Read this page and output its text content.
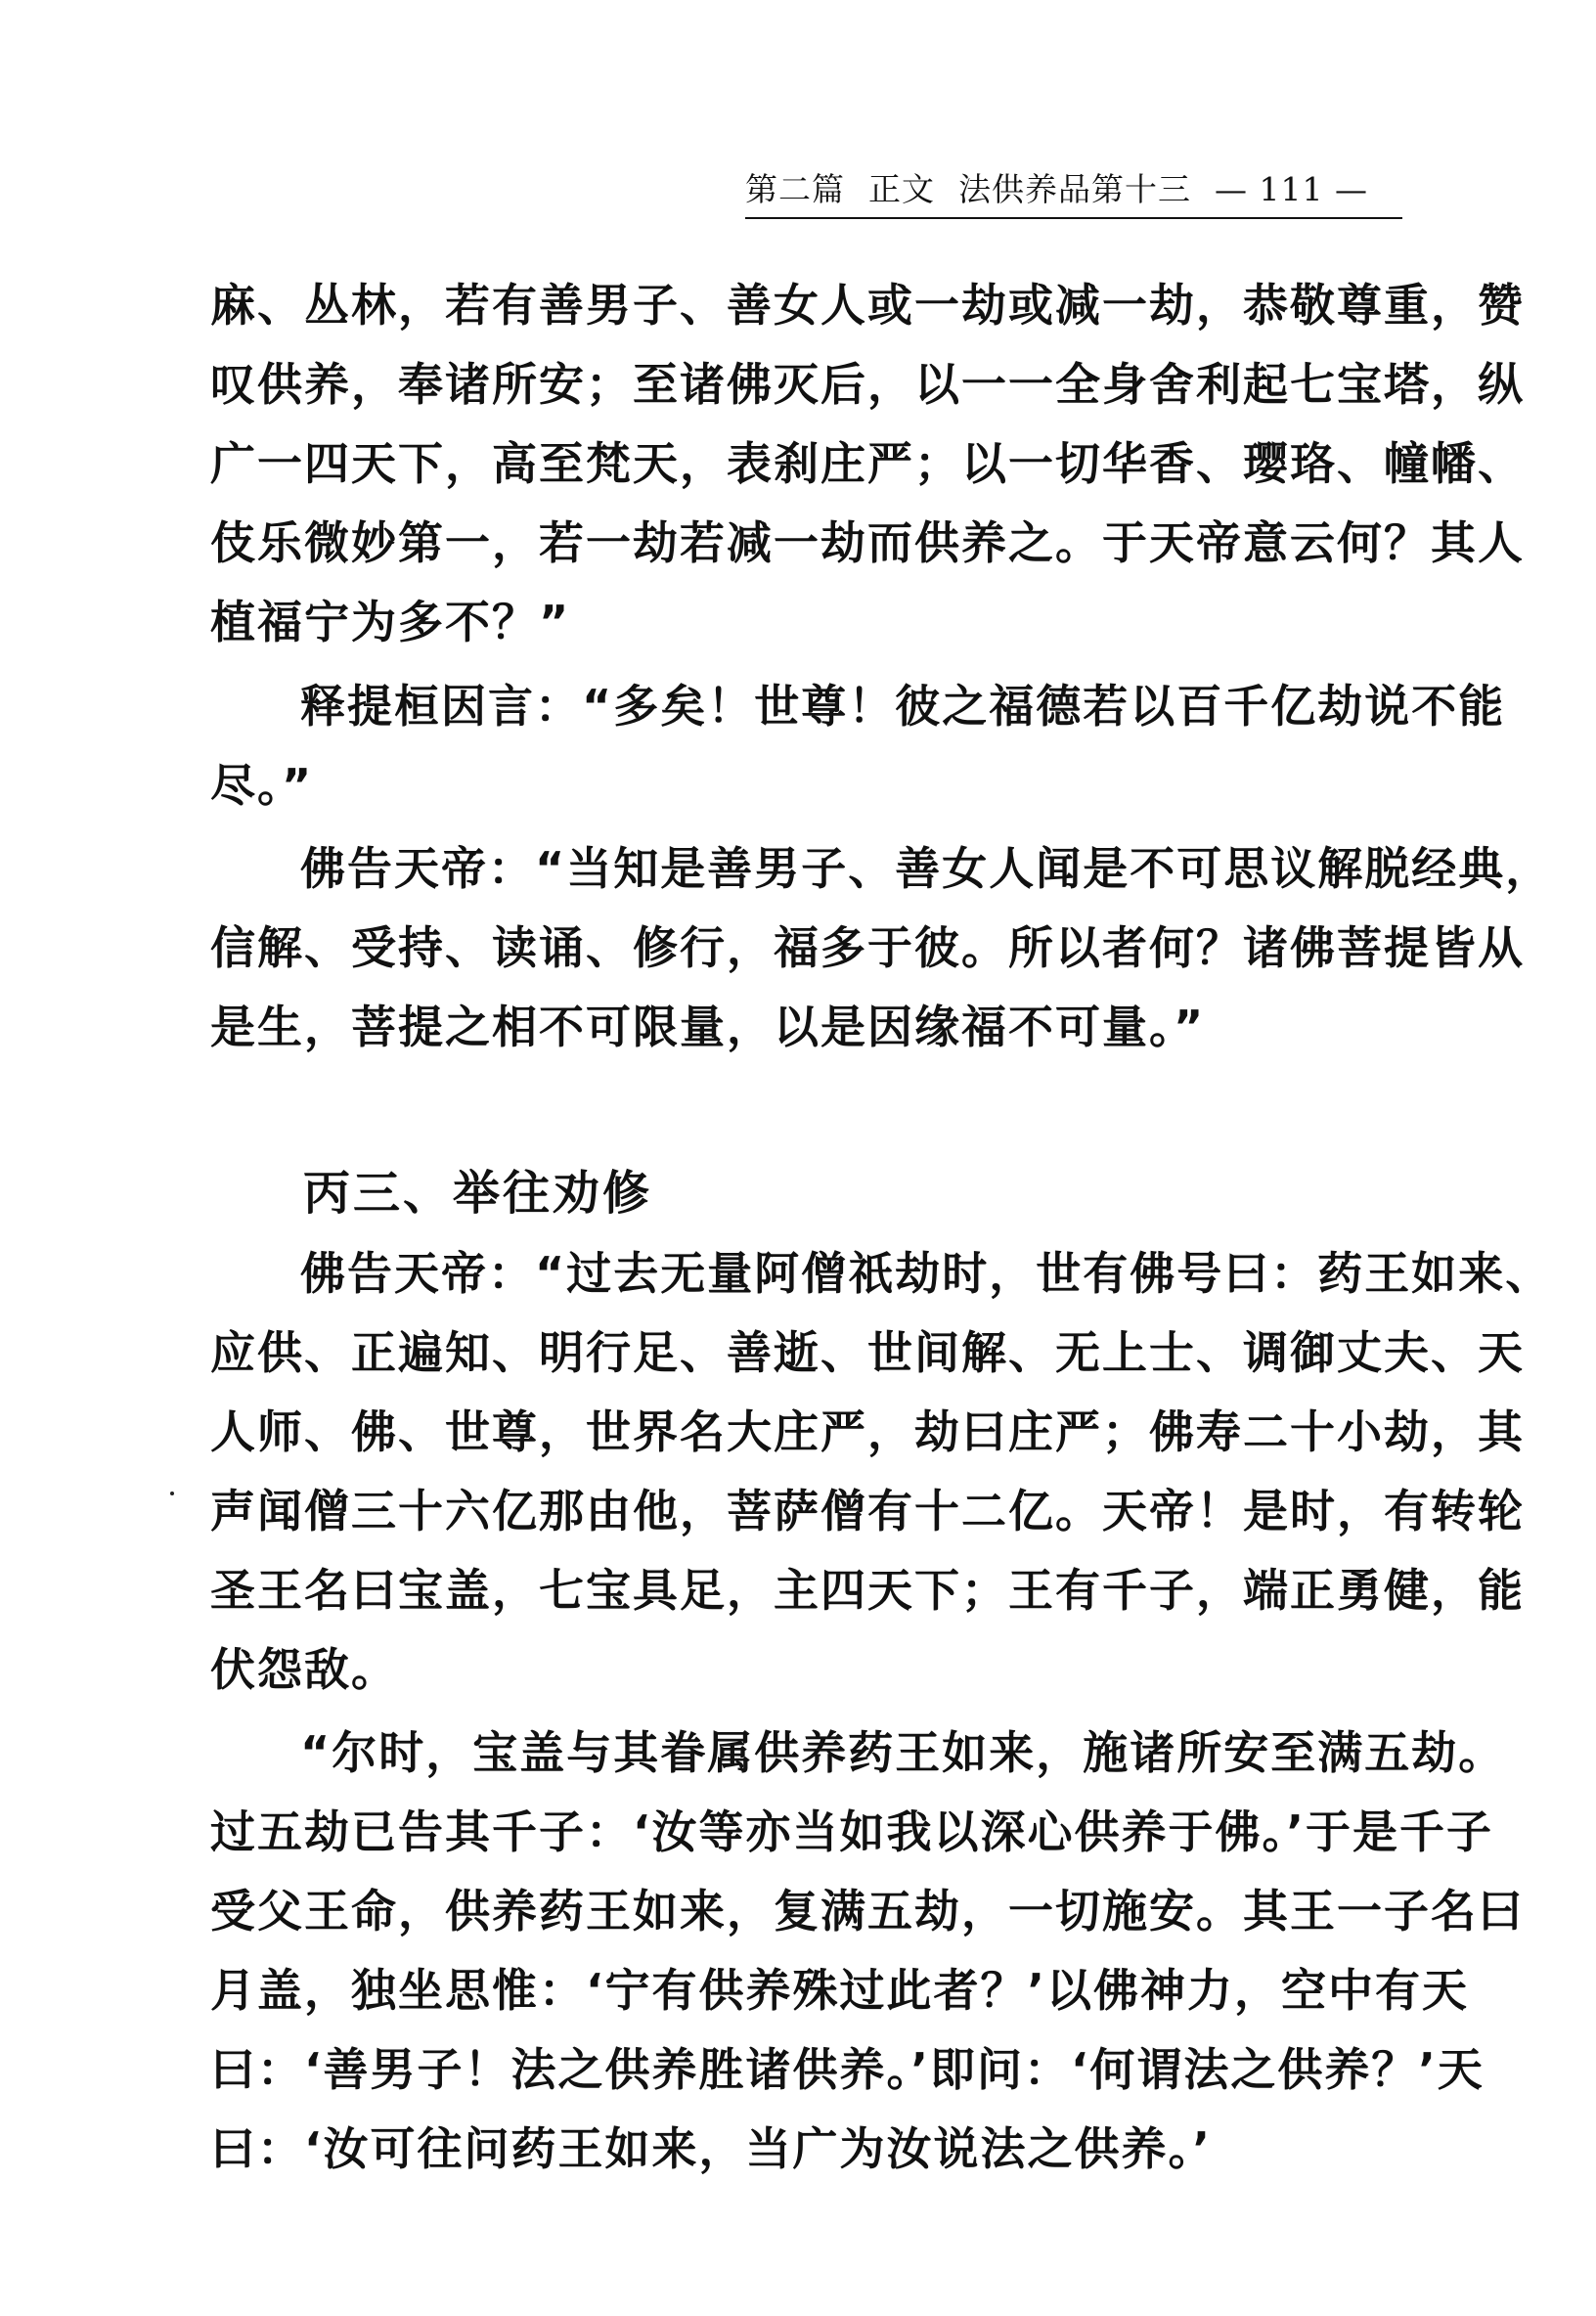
第二篇 正文 法供养品第十三 — 111 —
麻、丛林，若有善男子、善女人或一劫或减一劫，恭敬尊重，赞
叹供养，奉诸所安；至诸佛灭后，以一一全身舍利起七宝塔，纵
广一四天下，高至梵天，表刹庄严；以一切华香、璎珞、幢幡、
伎乐微妙第一，若一劫若减一劫而供养之。于天帝意云何？其人
植福宁为多不？”
释提桓因言：“多矣！世尊！彼之福德若以百千亿劫说不能
尽。”
佛告天帝：“当知是善男子、善女人闻是不可思议解脱经典，
信解、受持、读诵、修行，福多于彼。所以者何？诸佛菩提皆从
是生，菩提之相不可限量，以是因缘福不可量。”
丙三、举往劝修
佛告天帝：“过去无量阿僧祇劫时，世有佛号曰：药王如来、
应供、正遍知、明行足、善逝、世间解、无上士、调御丈夫、天
人师、佛、世尊，世界名大庄严，劫曰庄严；佛寿二十小劫，其
声闻僧三十六亿那由他，菩萨僧有十二亿。天帝！是时，有转轮
圣王名曰宝盖，七宝具足，主四天下；王有千子，端正勇健，能
伏怨敌。
“尔时，宝盖与其眷属供养药王如来，施诸所安至满五劫。
过五劫已告其千子：‘汝等亦当如我以深心供养于佛。’于是千子
受父王命，供养药王如来，复满五劫，一切施安。其王一子名曰
月盖，独坐思惟：‘宁有供养殊过此者？’以佛神力，空中有天
曰：‘善男子！法之供养胜诸供养。’即问：‘何谓法之供养？’天
曰：‘汝可往问药王如来，当广为汝说法之供养。’
